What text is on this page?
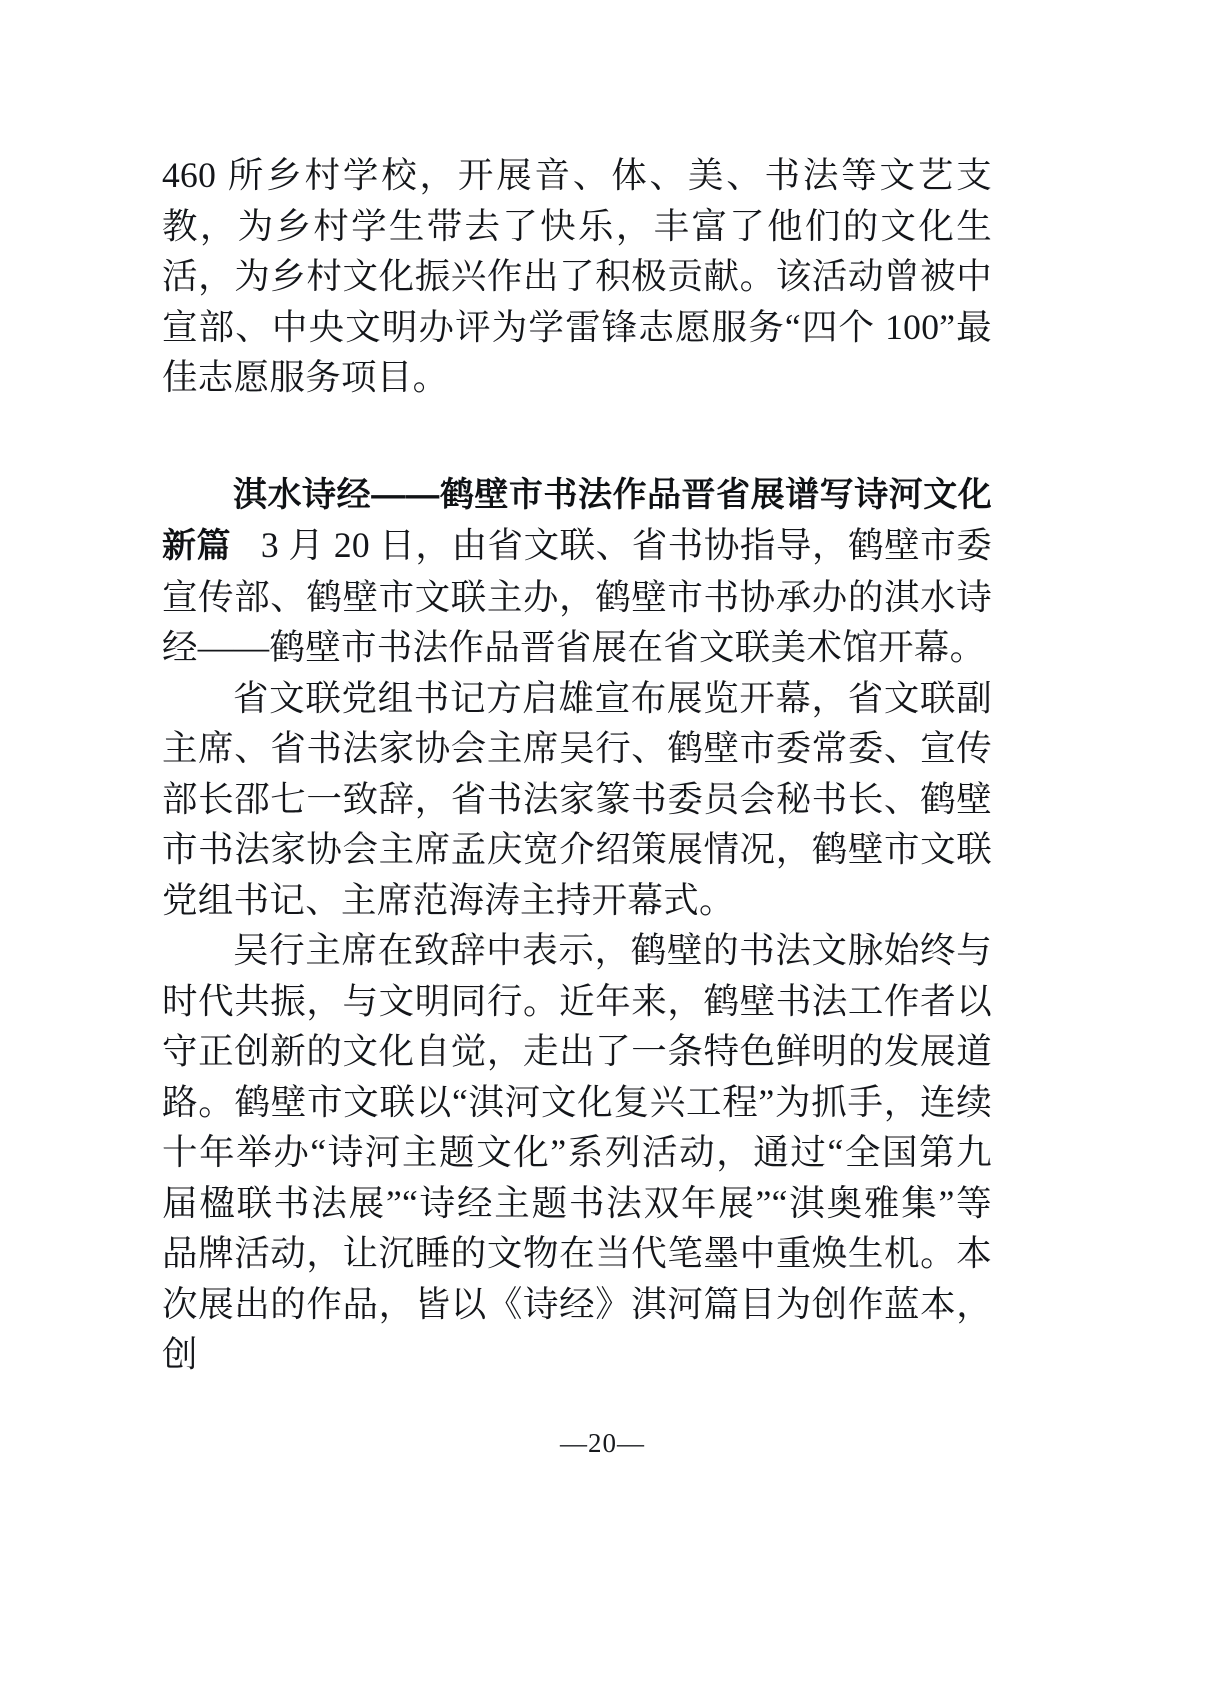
460 所乡村学校，开展音、体、美、书法等文艺支教，为乡村学生带去了快乐，丰富了他们的文化生活，为乡村文化振兴作出了积极贡献。该活动曾被中宣部、中央文明办评为学雷锋志愿服务“四个 100”最佳志愿服务项目。

淇水诗经——鹤壁市书法作品晋省展谱写诗河文化新篇 3 月 20 日，由省文联、省书协指导，鹤壁市委宣传部、鹤壁市文联主办，鹤壁市书协承办的淇水诗经——鹤壁市书法作品晋省展在省文联美术馆开幕。

省文联党组书记方启雄宣布展览开幕，省文联副主席、省书法家协会主席吴行、鹤壁市委常委、宣传部长邵七一致辞，省书法家篆书委员会秘书长、鹤壁市书法家协会主席孟庆宽介绍策展情况，鹤壁市文联党组书记、主席范海涛主持开幕式。

吴行主席在致辞中表示，鹤壁的书法文脉始终与时代共振，与文明同行。近年来，鹤壁书法工作者以守正创新的文化自觉，走出了一条特色鲜明的发展道路。鹤壁市文联以“淇河文化复兴工程”为抓手，连续十年举办“诗河主题文化”系列活动，通过“全国第九届楹联书法展”“诗经主题书法双年展”“淇奥雅集”等品牌活动，让沉睡的文物在当代笔墨中重焕生机。本次展出的作品，皆以《诗经》淇河篇目为创作蓝本，创

—20—
